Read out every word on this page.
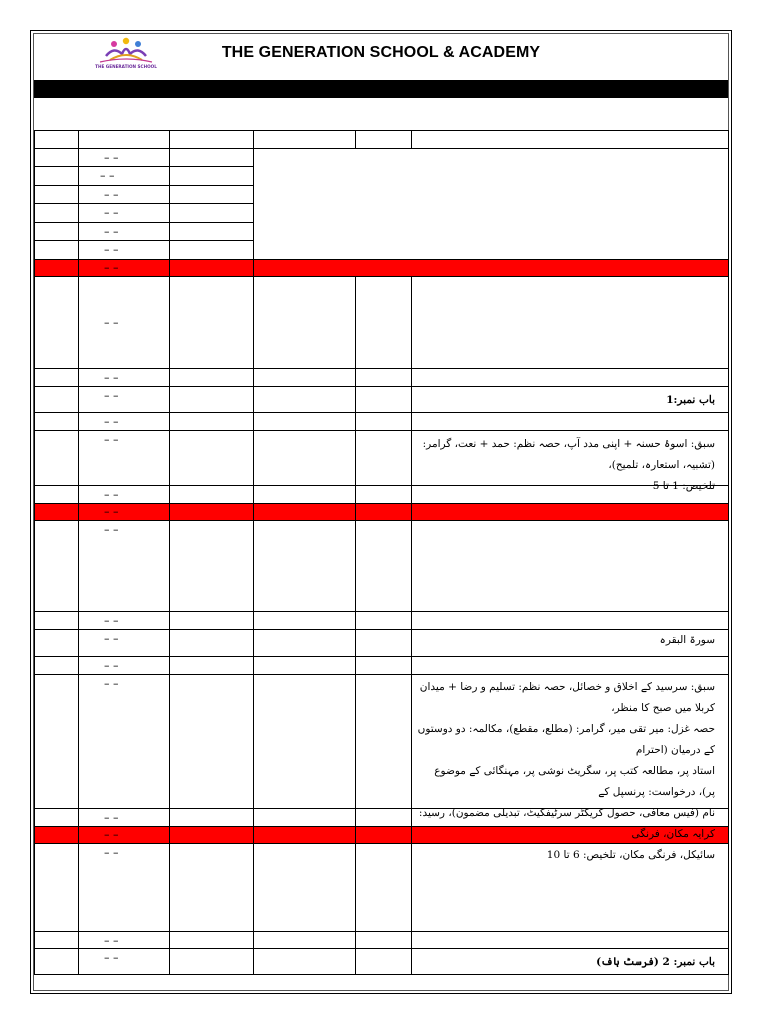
THE GENERATION SCHOOL
THE GENERATION SCHOOL & ACADEMY
– –
– –
– –
– –
– –
– –
– –
– –
– –
– –
– –
– –
– –
– –
– –
– –
– –
– –
– –
– –
– –
– –
– –
– –
باب نمبر:1
سبق: اسوۂ حسنہ + اپنی مدد آپ، حصہ نظم: حمد + نعت، گرامر: (تشبیہ، استعارہ، تلمیح)،
تلخیص: 1 تا 5
سورۃ البقرہ
سبق: سرسید کے اخلاق و خصائل، حصہ نظم: تسلیم و رضا + میدان کربلا میں صبح کا منظر،
حصہ غزل: میر تقی میر، گرامر: (مطلع، مقطع)، مکالمہ: دو دوستوں کے درمیان (احترام
استاد پر، مطالعہ کتب پر، سگریٹ نوشی پر، مہنگائی کے موضوع پر)، درخواست: پرنسپل کے
نام (فیس معافی، حصول کریکٹر سرٹیفکیٹ، تبدیلی مضمون)، رسید: کرایہ مکان، فرنگی
سائیکل، فرنگی مکان، تلخیص: 6 تا 10
باب نمبر: 2 (فرسٹ ہاف)
